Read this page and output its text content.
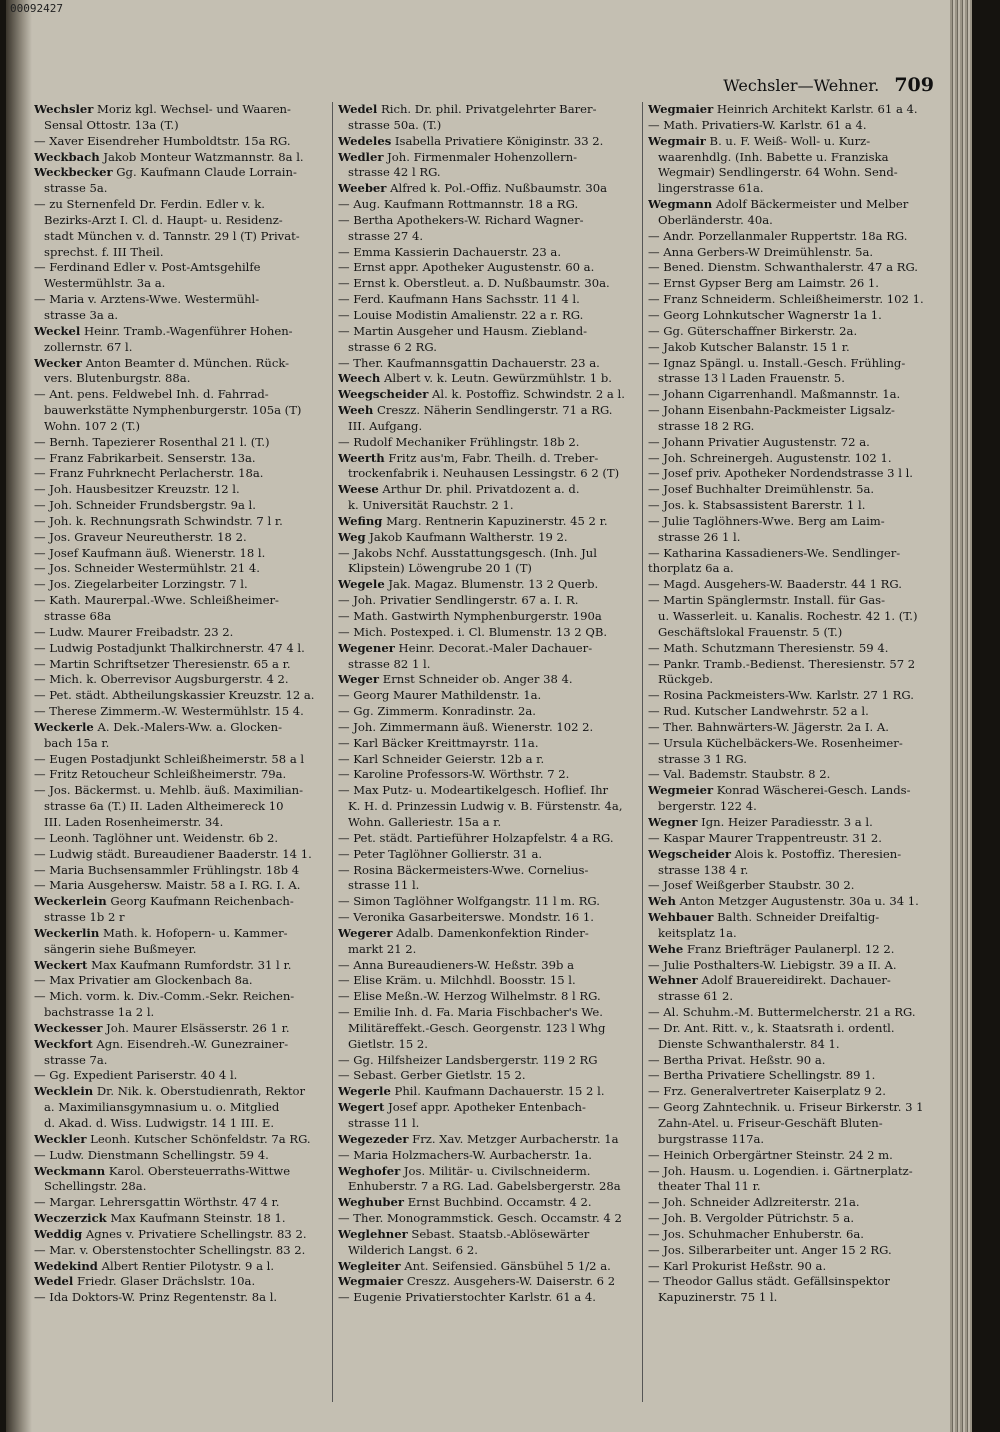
00092427
Wechsler—Wehner. 709
Wechsler Moriz kgl. Wechsel- und Waaren-
Sensal Ottostr. 13a (T.)
— Xaver Eisendreher Humboldtstr. 15a RG.
Weckbach Jakob Monteur Watzmannstr. 8a l.
Weckbecker Gg. Kaufmann Claude Lorrain-
strasse 5a.
— zu Sternenfeld Dr. Ferdin. Edler v. k.
Bezirks-Arzt I. Cl. d. Haupt- u. Residenz-
stadt München v. d. Tannstr. 29 l (T) Privat-
sprechst. f. III Theil.
— Ferdinand Edler v. Post-Amtsgehilfe
Westermühlstr. 3a a.
— Maria v. Arztens-Wwe. Westermühl-
strasse 3a a.
Weckel Heinr. Tramb.-Wagenführer Hohen-
zollernstr. 67 l.
Wecker Anton Beamter d. München. Rück-
vers. Blutenburgstr. 88a.
— Ant. pens. Feldwebel Inh. d. Fahrrad-
bauwerkstätte Nymphenburgerstr. 105a (T)
Wohn. 107 2 (T.)
— Bernh. Tapezierer Rosenthal 21 l. (T.)
— Franz Fabrikarbeit. Senserstr. 13a.
— Franz Fuhrknecht Perlacherstr. 18a.
— Joh. Hausbesitzer Kreuzstr. 12 l.
— Joh. Schneider Frundsbergstr. 9a l.
— Joh. k. Rechnungsrath Schwindstr. 7 l r.
— Jos. Graveur Neureutherstr. 18 2.
— Josef Kaufmann äuß. Wienerstr. 18 l.
— Jos. Schneider Westermühlstr. 21 4.
— Jos. Ziegelarbeiter Lorzingstr. 7 l.
— Kath. Maurerpal.-Wwe. Schleißheimer-
strasse 68a
— Ludw. Maurer Freibadstr. 23 2.
— Ludwig Postadjunkt Thalkirchnerstr. 47 4 l.
— Martin Schriftsetzer Theresienstr. 65 a r.
— Mich. k. Oberrevisor Augsburgerstr. 4 2.
— Pet. städt. Abtheilungskassier Kreuzstr. 12 a.
— Therese Zimmerm.-W. Westermühlstr. 15 4.
Weckerle A. Dek.-Malers-Ww. a. Glocken-
bach 15a r.
— Eugen Postadjunkt Schleißheimerstr. 58 a l
— Fritz Retoucheur Schleißheimerstr. 79a.
— Jos. Bäckermst. u. Mehlb. äuß. Maximilian-
strasse 6a (T.) II. Laden Altheimereck 10
III. Laden Rosenheimerstr. 34.
— Leonh. Taglöhner unt. Weidenstr. 6b 2.
— Ludwig städt. Bureaudiener Baaderstr. 14 1.
— Maria Buchsensammler Frühlingstr. 18b 4
— Maria Ausgehersw. Maistr. 58 a I. RG. I. A.
Weckerlein Georg Kaufmann Reichenbach-
strasse 1b 2 r
Weckerlin Math. k. Hofopern- u. Kammer-
sängerin siehe Bußmeyer.
Weckert Max Kaufmann Rumfordstr. 31 l r.
— Max Privatier am Glockenbach 8a.
— Mich. vorm. k. Div.-Comm.-Sekr. Reichen-
bachstrasse 1a 2 l.
Weckesser Joh. Maurer Elsässerstr. 26 1 r.
Weckfort Agn. Eisendreh.-W. Gunezrainer-
strasse 7a.
— Gg. Expedient Pariserstr. 40 4 l.
Wecklein Dr. Nik. k. Oberstudienrath, Rektor
a. Maximiliansgymnasium u. o. Mitglied
d. Akad. d. Wiss. Ludwigstr. 14 1 III. E.
Weckler Leonh. Kutscher Schönfeldstr. 7a RG.
— Ludw. Dienstmann Schellingstr. 59 4.
Weckmann Karol. Obersteuerraths-Wittwe
Schellingstr. 28a.
— Margar. Lehrersgattin Wörthstr. 47 4 r.
Weczerzick Max Kaufmann Steinstr. 18 1.
Weddig Agnes v. Privatiere Schellingstr. 83 2.
— Mar. v. Oberstenstochter Schellingstr. 83 2.
Wedekind Albert Rentier Pilotystr. 9 a l.
Wedel Friedr. Glaser Drächslstr. 10a.
— Ida Doktors-W. Prinz Regentenstr. 8a l.
Wedel Rich. Dr. phil. Privatgelehrter Barer-
strasse 50a. (T.)
Wedeles Isabella Privatiere Königinstr. 33 2.
Wedler Joh. Firmenmaler Hohenzollern-
strasse 42 l RG.
Weeber Alfred k. Pol.-Offiz. Nußbaumstr. 30a
— Aug. Kaufmann Rottmannstr. 18 a RG.
— Bertha Apothekers-W. Richard Wagner-
strasse 27 4.
— Emma Kassierin Dachauerstr. 23 a.
— Ernst appr. Apotheker Augustenstr. 60 a.
— Ernst k. Oberstleut. a. D. Nußbaumstr. 30a.
— Ferd. Kaufmann Hans Sachsstr. 11 4 l.
— Louise Modistin Amalienstr. 22 a r. RG.
— Martin Ausgeher und Hausm. Ziebland-
strasse 6 2 RG.
— Ther. Kaufmannsgattin Dachauerstr. 23 a.
Weech Albert v. k. Leutn. Gewürzmühlstr. 1 b.
Weegscheider Al. k. Postoffiz. Schwindstr. 2 a l.
Weeh Creszz. Näherin Sendlingerstr. 71 a RG.
III. Aufgang.
— Rudolf Mechaniker Frühlingstr. 18b 2.
Weerth Fritz aus'm, Fabr. Theilh. d. Treber-
trockenfabrik i. Neuhausen Lessingstr. 6 2 (T)
Weese Arthur Dr. phil. Privatdozent a. d.
k. Universität Rauchstr. 2 1.
Wefing Marg. Rentnerin Kapuzinerstr. 45 2 r.
Weg Jakob Kaufmann Waltherstr. 19 2.
— Jakobs Nchf. Ausstattungsgesch. (Inh. Jul
Klipstein) Löwengrube 20 1 (T)
Wegele Jak. Magaz. Blumenstr. 13 2 Querb.
— Joh. Privatier Sendlingerstr. 67 a. I. R.
— Math. Gastwirth Nymphenburgerstr. 190a
— Mich. Postexped. i. Cl. Blumenstr. 13 2 QB.
Wegener Heinr. Decorat.-Maler Dachauer-
strasse 82 1 l.
Weger Ernst Schneider ob. Anger 38 4.
— Georg Maurer Mathildenstr. 1a.
— Gg. Zimmerm. Konradinstr. 2a.
— Joh. Zimmermann äuß. Wienerstr. 102 2.
— Karl Bäcker Kreittmayrstr. 11a.
— Karl Schneider Geierstr. 12b a r.
— Karoline Professors-W. Wörthstr. 7 2.
— Max Putz- u. Modeartikelgesch. Hoflief. Ihr
K. H. d. Prinzessin Ludwig v. B. Fürstenstr. 4a,
Wohn. Galleriestr. 15a a r.
— Pet. städt. Partieführer Holzapfelstr. 4 a RG.
— Peter Taglöhner Gollierstr. 31 a.
— Rosina Bäckermeisters-Wwe. Cornelius-
strasse 11 l.
— Simon Taglöhner Wolfgangstr. 11 l m. RG.
— Veronika Gasarbeiterswe. Mondstr. 16 1.
Wegerer Adalb. Damenkonfektion Rinder-
markt 21 2.
— Anna Bureaudieners-W. Heßstr. 39b a
— Elise Kräm. u. Milchhdl. Boosstr. 15 l.
— Elise Meßn.-W. Herzog Wilhelmstr. 8 l RG.
— Emilie Inh. d. Fa. Maria Fischbacher's We.
Militäreffekt.-Gesch. Georgenstr. 123 l Whg
Gietlstr. 15 2.
— Gg. Hilfsheizer Landsbergerstr. 119 2 RG
— Sebast. Gerber Gietlstr. 15 2.
Wegerle Phil. Kaufmann Dachauerstr. 15 2 l.
Wegert Josef appr. Apotheker Entenbach-
strasse 11 l.
Wegezeder Frz. Xav. Metzger Aurbacherstr. 1a
— Maria Holzmachers-W. Aurbacherstr. 1a.
Weghofer Jos. Militär- u. Civilschneiderm.
Enhuberstr. 7 a RG. Lad. Gabelsbergerstr. 28a
Weghuber Ernst Buchbind. Occamstr. 4 2.
— Ther. Monogrammstick. Gesch. Occamstr. 4 2
Weglehner Sebast. Staatsb.-Ablösewärter
Wilderich Langst. 6 2.
Wegleiter Ant. Seifensied. Gänsbühel 5 1/2 a.
Wegmaier Creszz. Ausgehers-W. Daiserstr. 6 2
— Eugenie Privatierstochter Karlstr. 61 a 4.
Wegmaier Heinrich Architekt Karlstr. 61 a 4.
— Math. Privatiers-W. Karlstr. 61 a 4.
Wegmair B. u. F. Weiß- Woll- u. Kurz-
waarenhdlg. (Inh. Babette u. Franziska
Wegmair) Sendlingerstr. 64 Wohn. Send-
lingerstrasse 61a.
Wegmann Adolf Bäckermeister und Melber
Oberländerstr. 40a.
— Andr. Porzellanmaler Ruppertstr. 18a RG.
— Anna Gerbers-W Dreimühlenstr. 5a.
— Bened. Dienstm. Schwanthalerstr. 47 a RG.
— Ernst Gypser Berg am Laimstr. 26 1.
— Franz Schneiderm. Schleißheimerstr. 102 1.
— Georg Lohnkutscher Wagnerstr 1a 1.
— Gg. Güterschaffner Birkerstr. 2a.
— Jakob Kutscher Balanstr. 15 1 r.
— Ignaz Spängl. u. Install.-Gesch. Frühling-
strasse 13 l Laden Frauenstr. 5.
— Johann Cigarrenhandl. Maßmannstr. 1a.
— Johann Eisenbahn-Packmeister Ligsalz-
strasse 18 2 RG.
— Johann Privatier Augustenstr. 72 a.
— Joh. Schreinergeh. Augustenstr. 102 1.
— Josef priv. Apotheker Nordendstrasse 3 l l.
— Josef Buchhalter Dreimühlenstr. 5a.
— Jos. k. Stabsassistent Barerstr. 1 l.
— Julie Taglöhners-Wwe. Berg am Laim-
strasse 26 1 l.
— Katharina Kassadieners-We. Sendlinger-
thorplatz 6a a.
— Magd. Ausgehers-W. Baaderstr. 44 1 RG.
— Martin Spänglermstr. Install. für Gas-
u. Wasserleit. u. Kanalis. Rochestr. 42 1. (T.)
Geschäftslokal Frauenstr. 5 (T.)
— Math. Schutzmann Theresienstr. 59 4.
— Pankr. Tramb.-Bedienst. Theresienstr. 57 2
Rückgeb.
— Rosina Packmeisters-Ww. Karlstr. 27 1 RG.
— Rud. Kutscher Landwehrstr. 52 a l.
— Ther. Bahnwärters-W. Jägerstr. 2a I. A.
— Ursula Küchelbäckers-We. Rosenheimer-
strasse 3 1 RG.
— Val. Bademstr. Staubstr. 8 2.
Wegmeier Konrad Wäscherei-Gesch. Lands-
bergerstr. 122 4.
Wegner Ign. Heizer Paradiesstr. 3 a l.
— Kaspar Maurer Trappentreustr. 31 2.
Wegscheider Alois k. Postoffiz. Theresien-
strasse 138 4 r.
— Josef Weißgerber Staubstr. 30 2.
Weh Anton Metzger Augustenstr. 30a u. 34 1.
Wehbauer Balth. Schneider Dreifaltig-
keitsplatz 1a.
Wehe Franz Briefträger Paulanerpl. 12 2.
— Julie Posthalters-W. Liebigstr. 39 a II. A.
Wehner Adolf Brauereidirekt. Dachauer-
strasse 61 2.
— Al. Schuhm.-M. Buttermelcherstr. 21 a RG.
— Dr. Ant. Ritt. v., k. Staatsrath i. ordentl.
Dienste Schwanthalerstr. 84 1.
— Bertha Privat. Heßstr. 90 a.
— Bertha Privatiere Schellingstr. 89 1.
— Frz. Generalvertreter Kaiserplatz 9 2.
— Georg Zahntechnik. u. Friseur Birkerstr. 3 1
Zahn-Atel. u. Friseur-Geschäft Bluten-
burgstrasse 117a.
— Heinich Orbergärtner Steinstr. 24 2 m.
— Joh. Hausm. u. Logendien. i. Gärtnerplatz-
theater Thal 11 r.
— Joh. Schneider Adlzreiterstr. 21a.
— Joh. B. Vergolder Pütrichstr. 5 a.
— Jos. Schuhmacher Enhuberstr. 6a.
— Jos. Silberarbeiter unt. Anger 15 2 RG.
— Karl Prokurist Heßstr. 90 a.
— Theodor Gallus städt. Gefällsinspektor
Kapuzinerstr. 75 1 l.
